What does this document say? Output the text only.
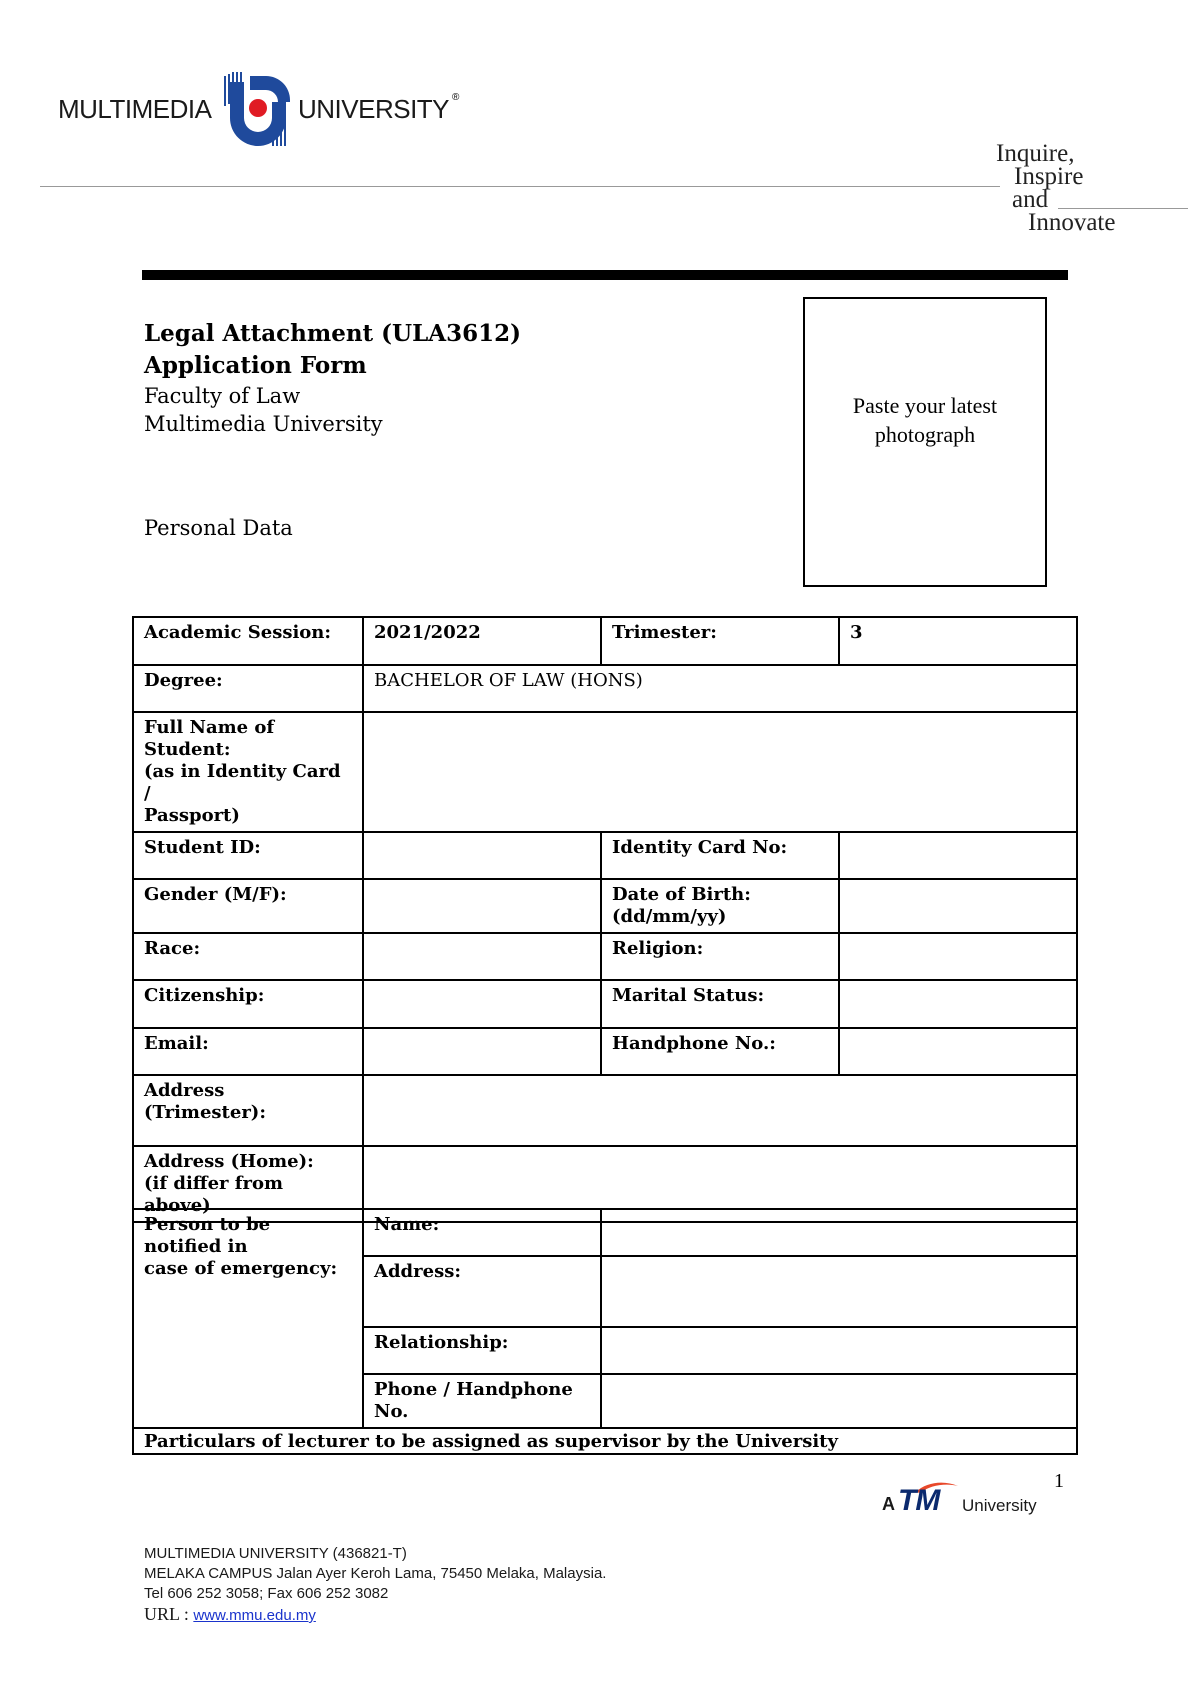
MULTIMEDIA	UNIVERSITY ®
Inquire,
Inspire
and
Innovate
Legal Attachment (ULA3612)
Application Form
Faculty of Law
Multimedia University
Personal Data
Paste your latest
photograph
Academic Session:	2021/2022	Trimester:	3
Degree:	BACHELOR OF LAW (HONS)		

Full Name of Student:
(as in Identity Card /
Passport)			

Student ID:		Identity Card No:	
Gender (M/F):		Date of Birth:
(dd/mm/yy)	

Race:		Religion:	
Citizenship:		Marital Status:	
Email:		Handphone No.:	
Address (Trimester):			

Address (Home):
(if differ from above)			

Person to be notified in
case of emergency:	Name:	
	Address:	
	Relationship:	
	Phone / Handphone No.	
Particulars of lecturer to be assigned as supervisor by the University		
1
A TM University
MULTIMEDIA UNIVERSITY (436821-T)
MELAKA CAMPUS Jalan Ayer Keroh Lama, 75450 Melaka, Malaysia.
Tel 606 252 3058; Fax 606 252 3082
URL : www.mmu.edu.my
